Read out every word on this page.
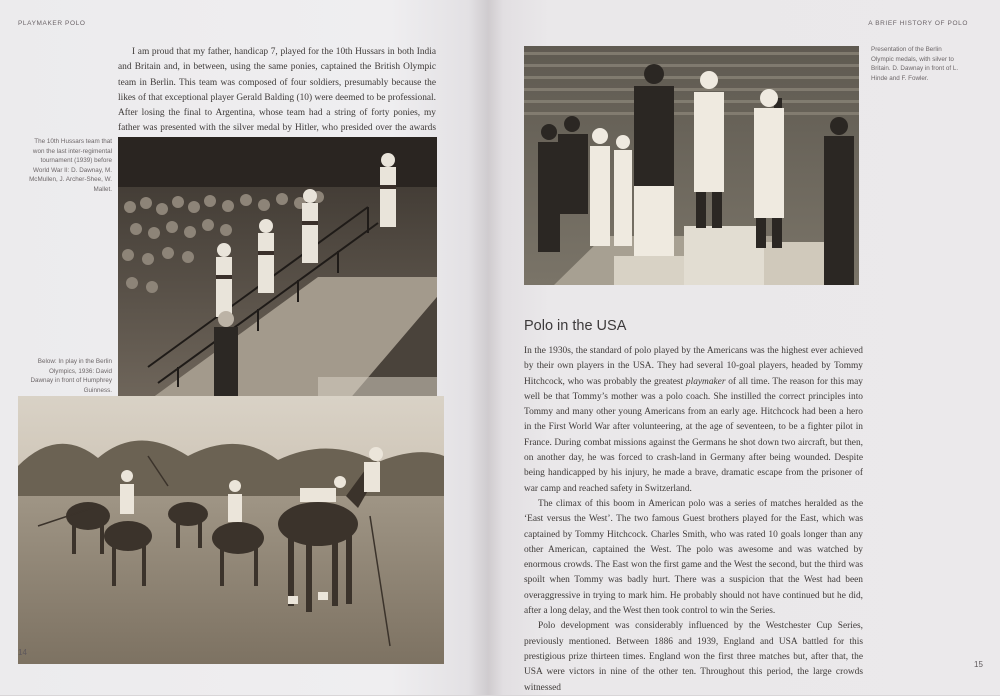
PLAYMAKER POLO

I am proud that my father, handicap 7, played for the 10th Hussars in both India and Britain and, in between, using the same ponies, captained the British Olympic team in Berlin. This team was composed of four soldiers, presumably because the likes of that exceptional player Gerald Balding (10) were deemed to be professional. After losing the final to Argentina, whose team had a string of forty ponies, my father was presented with the silver medal by Hitler, who presided over the awards

The 10th Hussars team that won the last inter-regimental tournament (1939) before World War II: D. Dawnay, M. McMullen, J. Archer-Shee, W. Mallet.

Below: In play in the Berlin Olympics, 1936: David Dawnay in front of Humphrey Guinness.

14
A BRIEF HISTORY OF POLO

Presentation of the Berlin Olympic medals, with silver to Britain. D. Dawnay in front of L. Hinde and F. Fowler.

Polo in the USA

In the 1930s, the standard of polo played by the Americans was the highest ever achieved by their own players in the USA. They had several 10-goal players, headed by Tommy Hitchcock, who was probably the greatest playmaker of all time. The reason for this may well be that Tommy’s mother was a polo coach. She instilled the correct principles into Tommy and many other young Americans from an early age. Hitchcock had been a hero in the First World War after volunteering, at the age of seventeen, to be a fighter pilot in France. During combat missions against the Germans he shot down two aircraft, but then, on another day, he was forced to crash-land in Germany after being wounded. Despite being handicapped by his injury, he made a brave, dramatic escape from the prisoner of war camp and reached safety in Switzerland.

The climax of this boom in American polo was a series of matches heralded as the ‘East versus the West’. The two famous Guest brothers played for the East, which was captained by Tommy Hitchcock. Charles Smith, who was rated 10 goals longer than any other American, captained the West. The polo was awesome and was watched by enormous crowds. The East won the first game and the West the second, but the third was spoilt when Tommy was badly hurt. There was a suspicion that the West had been overaggressive in trying to mark him. He probably should not have continued but he did, after a long delay, and the West then took control to win the Series.

Polo development was considerably influenced by the Westchester Cup Series, previously mentioned. Between 1886 and 1939, England and USA battled for this prestigious prize thirteen times. England won the first three matches but, after that, the USA were victors in nine of the other ten. Throughout this period, the large crowds witnessed

15
